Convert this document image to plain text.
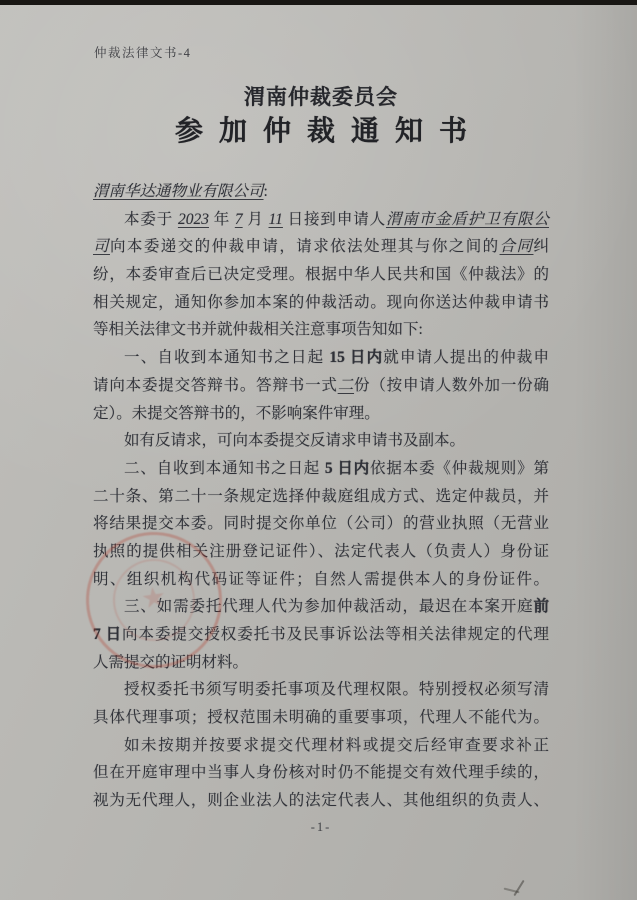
仲裁法律文书-4
渭南仲裁委员会
参加仲裁通知书
渭南华达通物业有限公司:
本委于 2023 年 7 月 11 日接到申请人渭南市金盾护卫有限公
司向本委递交的仲裁申请，请求依法处理其与你之间的合同纠
纷，本委审查后已决定受理。根据中华人民共和国《仲裁法》的
相关规定，通知你参加本案的仲裁活动。现向你送达仲裁申请书
等相关法律文书并就仲裁相关注意事项告知如下:
一、自收到本通知书之日起 15 日内就申请人提出的仲裁申
请向本委提交答辩书。答辩书一式二份（按申请人数外加一份确
定）。未提交答辩书的，不影响案件审理。
如有反请求，可向本委提交反请求申请书及副本。
二、自收到本通知书之日起 5 日内依据本委《仲裁规则》第
二十条、第二十一条规定选择仲裁庭组成方式、选定仲裁员，并
将结果提交本委。同时提交你单位（公司）的营业执照（无营业
执照的提供相关注册登记证件）、法定代表人（负责人）身份证
明、组织机构代码证等证件；自然人需提供本人的身份证件。
三、如需委托代理人代为参加仲裁活动，最迟在本案开庭前
7 日向本委提交授权委托书及民事诉讼法等相关法律规定的代理
人需提交的证明材料。
授权委托书须写明委托事项及代理权限。特别授权必须写清
具体代理事项；授权范围未明确的重要事项，代理人不能代为。
如未按期并按要求提交代理材料或提交后经审查要求补正
但在开庭审理中当事人身份核对时仍不能提交有效代理手续的，
视为无代理人，则企业法人的法定代表人、其他组织的负责人、
★
-1-
